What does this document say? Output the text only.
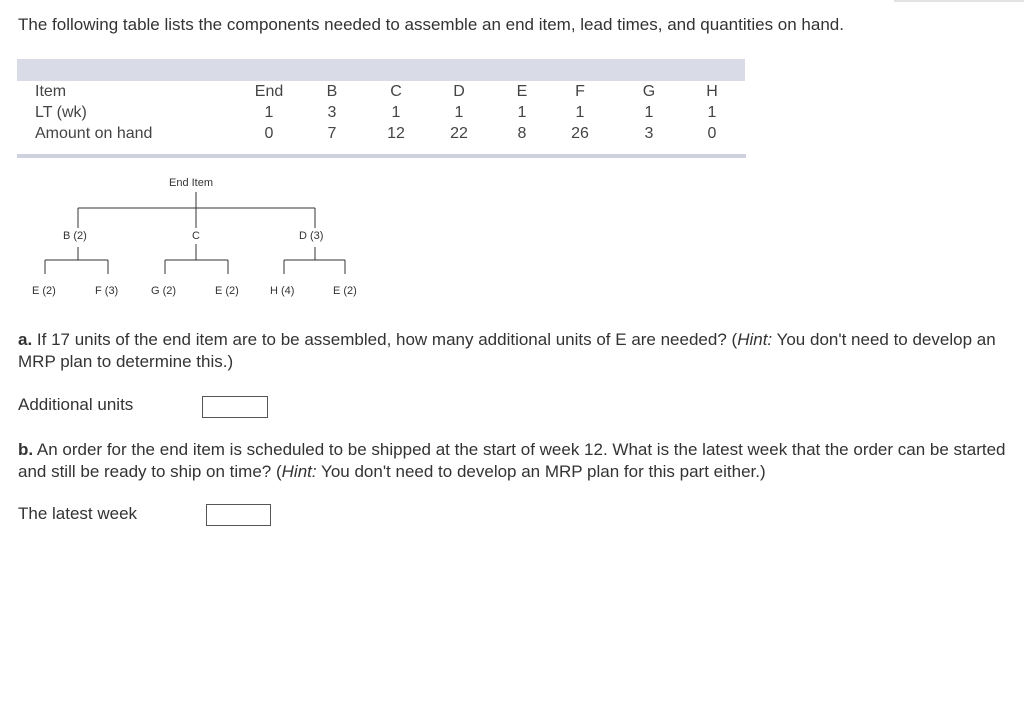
The following table lists the components needed to assemble an end item, lead times, and quantities on hand.
Item	End	B	C	D	E	F	G	H
LT (wk)	1	3	1	1	1	1	1	1
Amount on hand	0	7	12	22	8	26	3	0
End Item
B (2)	C	D (3)
E (2)	F (3)	G (2)	E (2)	H (4)	E (2)
a. If 17 units of the end item are to be assembled, how many additional units of E are needed? (Hint: You don't need to develop an MRP plan to determine this.)
Additional units
b. An order for the end item is scheduled to be shipped at the start of week 12. What is the latest week that the order can be started and still be ready to ship on time? (Hint: You don't need to develop an MRP plan for this part either.)
The latest week
